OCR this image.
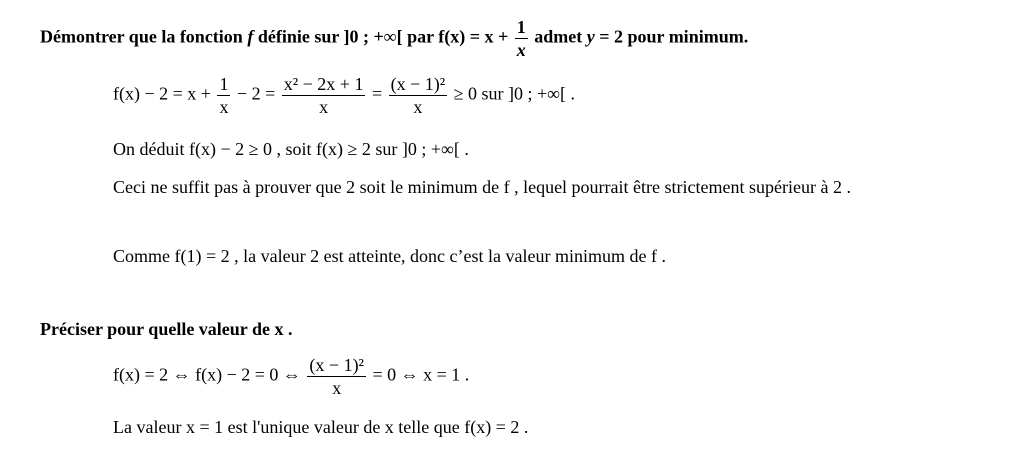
Démontrer que la fonction f définie sur ]0 ; +∞[ par $f(x) = x + \frac{1}{x}$ admet y = 2 pour minimum.
$f(x) - 2 = x + \frac{1}{x} - 2 = \frac{\text{x² − 2x + 1}}{x} = \frac{\text{(x − 1)²}}{x} \ge 0$ sur ]0 ; +∞[ .
On déduit f(x) − 2 ≥ 0 , soit f(x) ≥ 2 sur ]0 ; +∞[ .
Ceci ne suffit pas à prouver que 2 soit le minimum de f , lequel pourrait être strictement supérieur à 2 .
Comme f(1) = 2 , la valeur 2 est atteinte, donc c’est la valeur minimum de f .
Préciser pour quelle valeur de x .
f(x) = 2 ⇔ f(x) − 2 = 0 ⇔ $\frac{\text{(x − 1)²}}{x} = 0$ ⇔ x = 1 .
La valeur x = 1 est l'unique valeur de x telle que f(x) = 2 .
